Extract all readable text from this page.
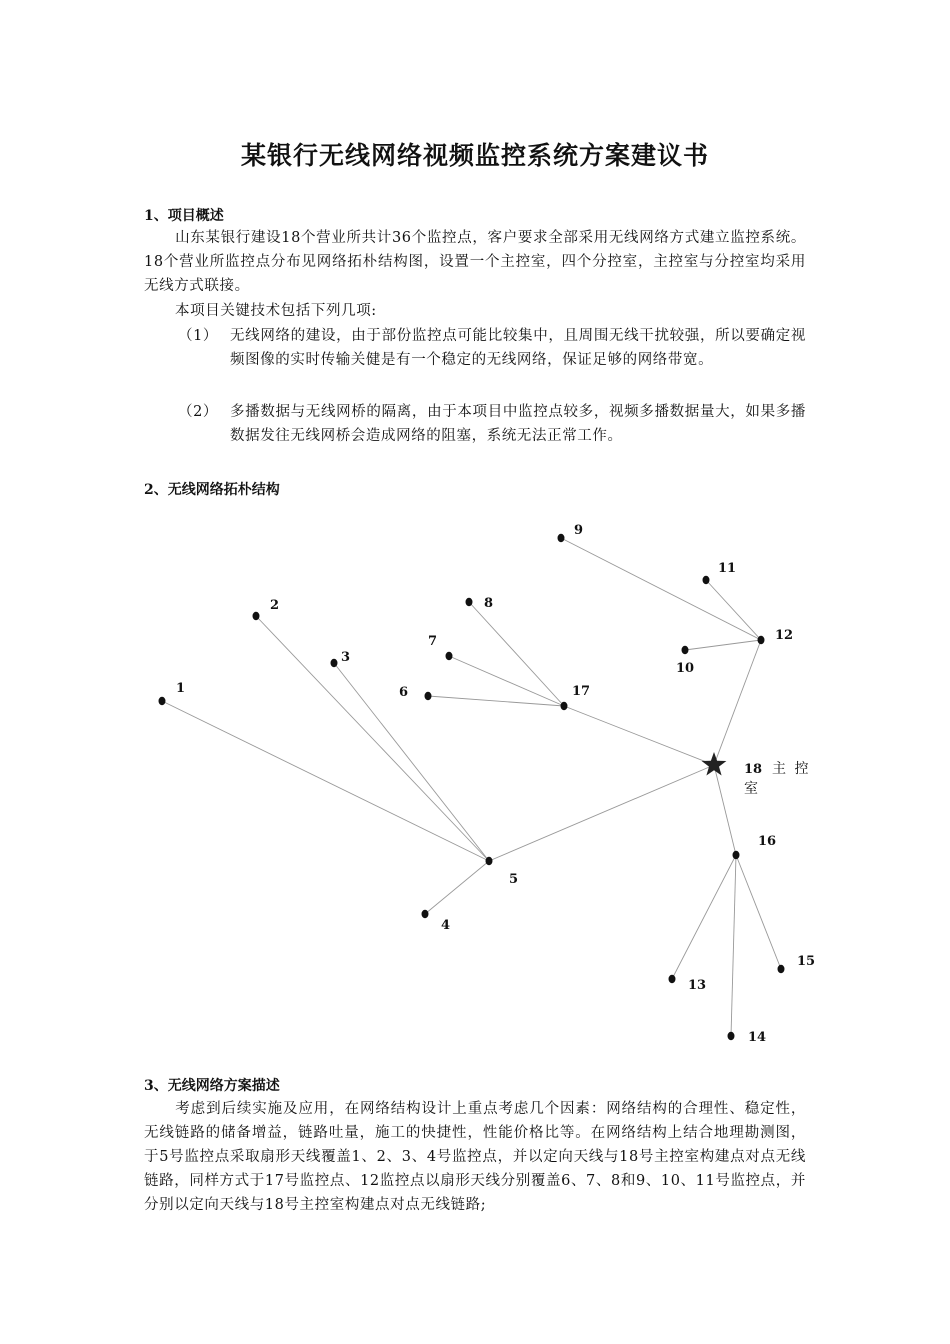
某银行无线网络视频监控系统方案建议书
1、项目概述
山东某银行建设18个营业所共计36个监控点，客户要求全部采用无线网络方式建立监控系统。18个营业所监控点分布见网络拓朴结构图，设置一个主控室，四个分控室，主控室与分控室均采用无线方式联接。
本项目关键技术包括下列几项:
（1） 无线网络的建设，由于部份监控点可能比较集中，且周围无线干扰较强，所以要确定视频图像的实时传输关健是有一个稳定的无线网络，保证足够的网络带宽。
（2） 多播数据与无线网桥的隔离，由于本项目中监控点较多，视频多播数据量大，如果多播数据发往无线网桥会造成网络的阻塞，系统无法正常工作。
2、无线网络拓朴结构
1
2
3
4
5
6
7
8
9
10
11
12
13
14
15
16
17
18 主 控
室
3、无线网络方案描述
考虑到后续实施及应用，在网络结构设计上重点考虑几个因素：网络结构的合理性、稳定性，无线链路的储备增益，链路吐量，施工的快捷性，性能价格比等。在网络结构上结合地理勘测图，于5号监控点采取扇形天线覆盖1、2、3、4号监控点，并以定向天线与18号主控室构建点对点无线链路，同样方式于17号监控点、12监控点以扇形天线分别覆盖6、7、8和9、10、11号监控点，并分别以定向天线与18号主控室构建点对点无线链路;
